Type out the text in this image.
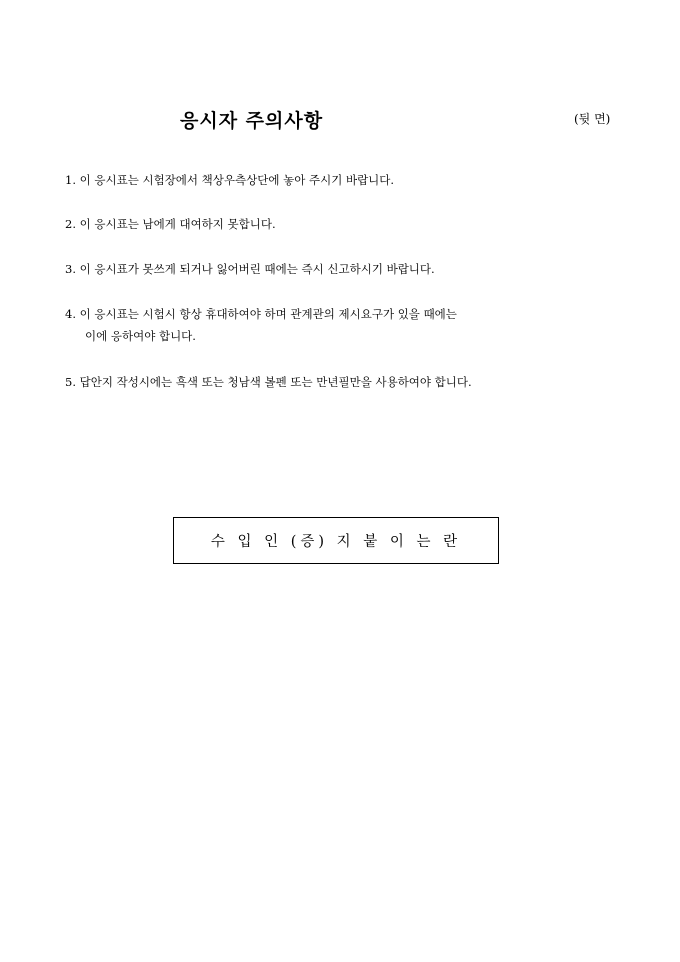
응시자 주의사항	(뒷 면)
1. 이 응시표는 시험장에서 책상우측상단에 놓아 주시기 바랍니다.
2. 이 응시표는 남에게 대여하지 못합니다.
3. 이 응시표가 못쓰게 되거나 잃어버린 때에는 즉시 신고하시기 바랍니다.
4. 이 응시표는 시험시 항상 휴대하여야 하며 관계관의 제시요구가 있을 때에는
이에 응하여야 합니다.
5. 답안지 작성시에는 흑색 또는 청남색 볼펜 또는 만년필만을 사용하여야 합니다.
수 입 인 (증) 지 붙 이 는 란
